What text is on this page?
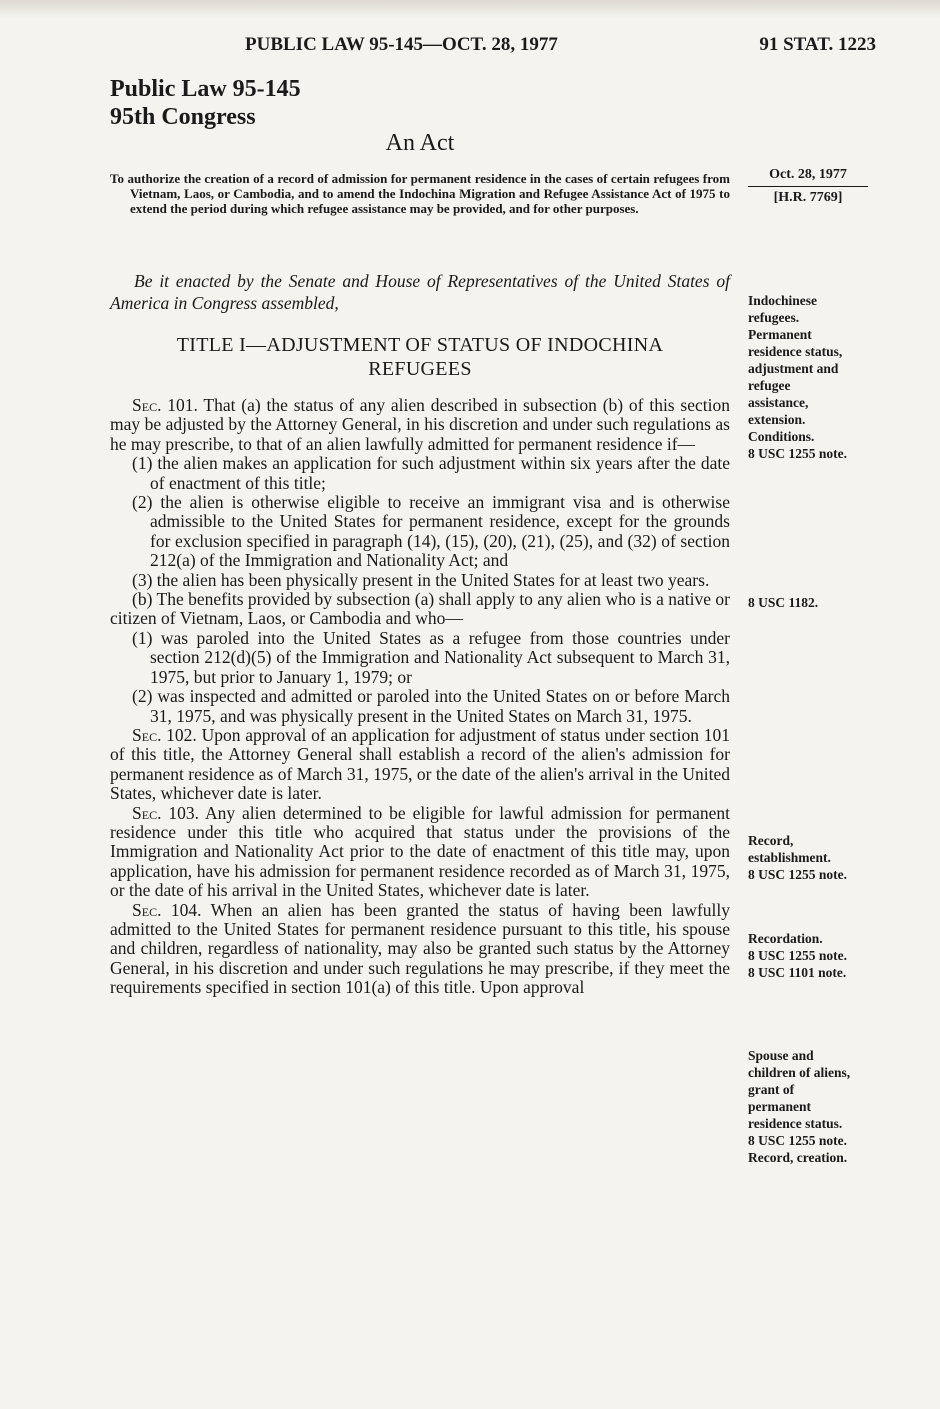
PUBLIC LAW 95-145—OCT. 28, 1977	91 STAT. 1223
Public Law 95-145
95th Congress
An Act
To authorize the creation of a record of admission for permanent residence in the cases of certain refugees from Vietnam, Laos, or Cambodia, and to amend the Indochina Migration and Refugee Assistance Act of 1975 to extend the period during which refugee assistance may be provided, and for other purposes.
Oct. 28, 1977
[H.R. 7769]
Be it enacted by the Senate and House of Representatives of the United States of America in Congress assembled,
TITLE I—ADJUSTMENT OF STATUS OF INDOCHINA
REFUGEES

Sec. 101. That (a) the status of any alien described in subsection (b) of this section may be adjusted by the Attorney General, in his discretion and under such regulations as he may prescribe, to that of an alien lawfully admitted for permanent residence if—

(1) the alien makes an application for such adjustment within six years after the date of enactment of this title;

(2) the alien is otherwise eligible to receive an immigrant visa and is otherwise admissible to the United States for permanent residence, except for the grounds for exclusion specified in paragraph (14), (15), (20), (21), (25), and (32) of section 212(a) of the Immigration and Nationality Act; and

(3) the alien has been physically present in the United States for at least two years.

(b) The benefits provided by subsection (a) shall apply to any alien who is a native or citizen of Vietnam, Laos, or Cambodia and who—

(1) was paroled into the United States as a refugee from those countries under section 212(d)(5) of the Immigration and Nationality Act subsequent to March 31, 1975, but prior to January 1, 1979; or

(2) was inspected and admitted or paroled into the United States on or before March 31, 1975, and was physically present in the United States on March 31, 1975.

Sec. 102. Upon approval of an application for adjustment of status under section 101 of this title, the Attorney General shall establish a record of the alien's admission for permanent residence as of March 31, 1975, or the date of the alien's arrival in the United States, whichever date is later.

Sec. 103. Any alien determined to be eligible for lawful admission for permanent residence under this title who acquired that status under the provisions of the Immigration and Nationality Act prior to the date of enactment of this title may, upon application, have his admission for permanent residence recorded as of March 31, 1975, or the date of his arrival in the United States, whichever date is later.

Sec. 104. When an alien has been granted the status of having been lawfully admitted to the United States for permanent residence pursuant to this title, his spouse and children, regardless of nationality, may also be granted such status by the Attorney General, in his discretion and under such regulations he may prescribe, if they meet the requirements specified in section 101(a) of this title. Upon approval

Indochinese
refugees.
Permanent
residence status,
adjustment and
refugee
assistance,
extension.
Conditions.
8 USC 1255 note.
8 USC 1182.
Record,
establishment.
8 USC 1255 note.
Recordation.
8 USC 1255 note.
8 USC 1101 note.
Spouse and
children of aliens,
grant of
permanent
residence status.
8 USC 1255 note.
Record, creation.
